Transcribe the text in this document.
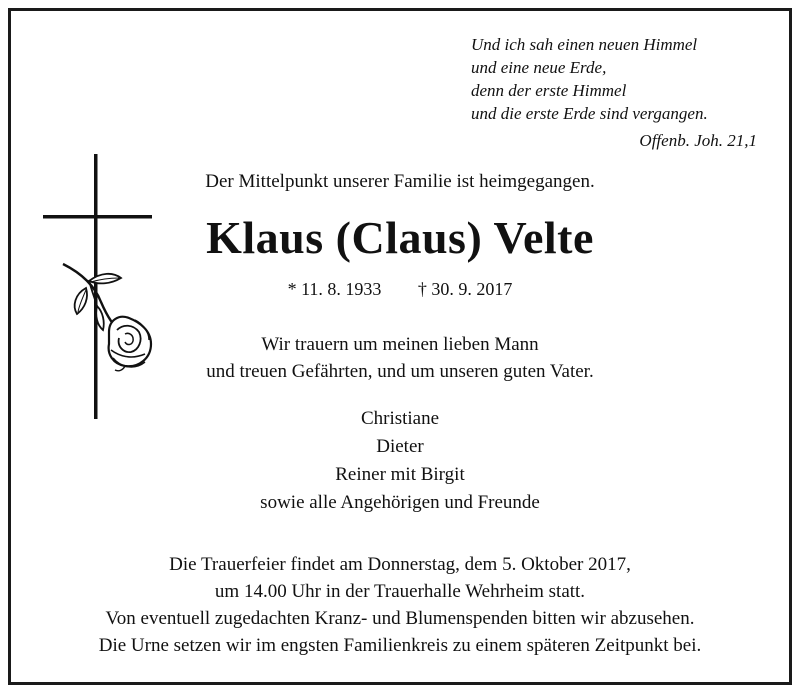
Und ich sah einen neuen Himmel
und eine neue Erde,
denn der erste Himmel
und die erste Erde sind vergangen.
Offenb. Joh. 21,1
Der Mittelpunkt unserer Familie ist heimgegangen.
Klaus (Claus) Velte
* 11. 8. 1933 † 30. 9. 2017
Wir trauern um meinen lieben Mann
und treuen Gefährten, und um unseren guten Vater.
Christiane
Dieter
Reiner mit Birgit
sowie alle Angehörigen und Freunde
Die Trauerfeier findet am Donnerstag, dem 5. Oktober 2017,
um 14.00 Uhr in der Trauerhalle Wehrheim statt.
Von eventuell zugedachten Kranz- und Blumenspenden bitten wir abzusehen.
Die Urne setzen wir im engsten Familienkreis zu einem späteren Zeitpunkt bei.
